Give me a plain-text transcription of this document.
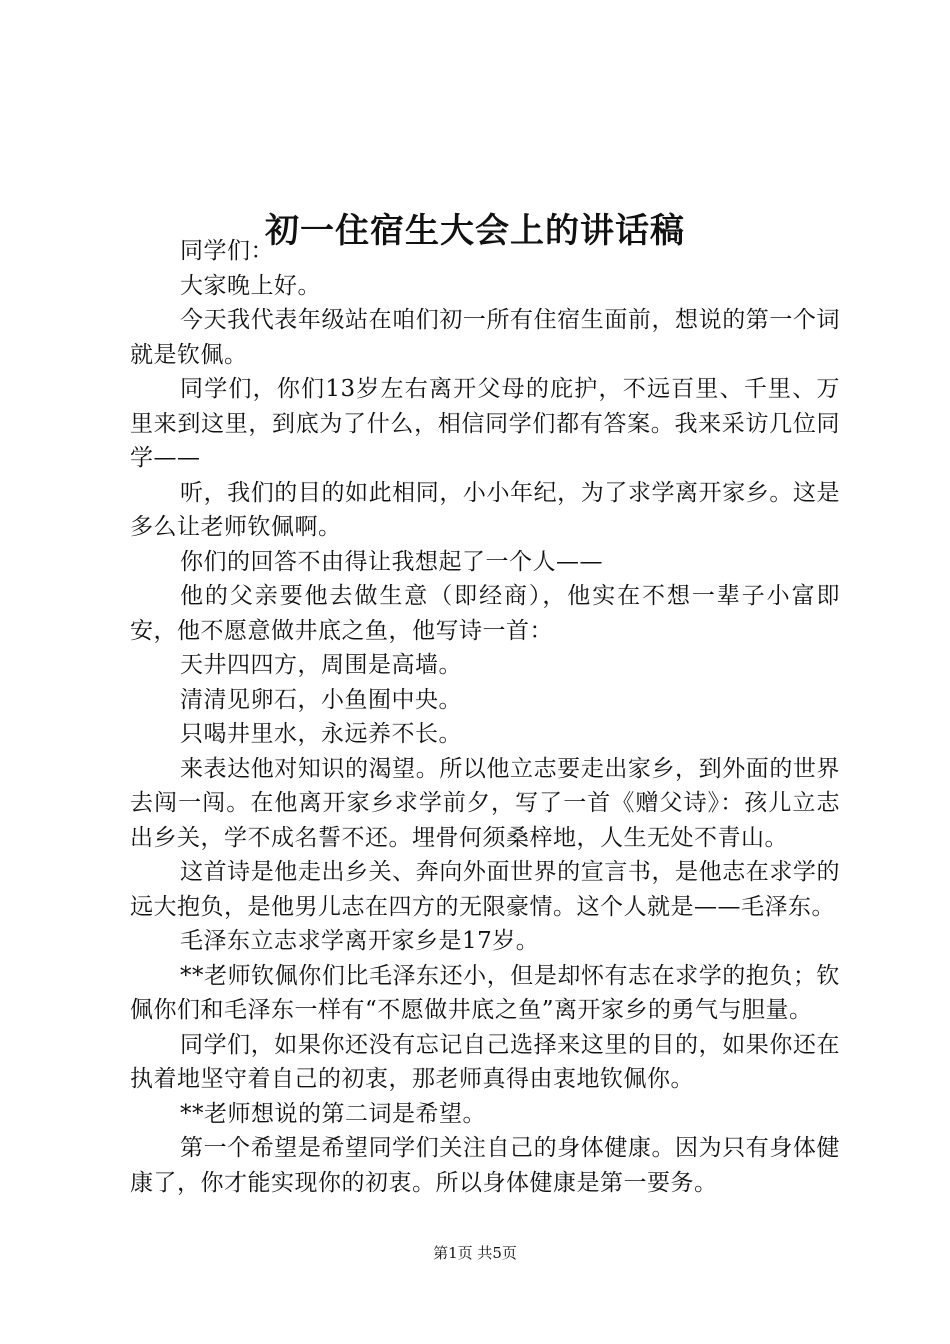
初一住宿生大会上的讲话稿

同学们：

大家晚上好。

今天我代表年级站在咱们初一所有住宿生面前，想说的第一个词就是钦佩。

同学们，你们13岁左右离开父母的庇护，不远百里、千里、万里来到这里，到底为了什么，相信同学们都有答案。我来采访几位同学——

听，我们的目的如此相同，小小年纪，为了求学离开家乡。这是多么让老师钦佩啊。

你们的回答不由得让我想起了一个人——

他的父亲要他去做生意（即经商），他实在不想一辈子小富即安，他不愿意做井底之鱼，他写诗一首：

天井四四方，周围是高墙。

清清见卵石，小鱼囿中央。

只喝井里水，永远养不长。

来表达他对知识的渴望。所以他立志要走出家乡，到外面的世界去闯一闯。在他离开家乡求学前夕，写了一首《赠父诗》：孩儿立志出乡关，学不成名誓不还。埋骨何须桑梓地，人生无处不青山。

这首诗是他走出乡关、奔向外面世界的宣言书，是他志在求学的远大抱负，是他男儿志在四方的无限豪情。这个人就是——毛泽东。

毛泽东立志求学离开家乡是17岁。

**老师钦佩你们比毛泽东还小，但是却怀有志在求学的抱负；钦佩你们和毛泽东一样有“不愿做井底之鱼”离开家乡的勇气与胆量。

同学们，如果你还没有忘记自己选择来这里的目的，如果你还在执着地坚守着自己的初衷，那老师真得由衷地钦佩你。

**老师想说的第二词是希望。

第一个希望是希望同学们关注自己的身体健康。因为只有身体健康了，你才能实现你的初衷。所以身体健康是第一要务。

第1页 共5页
